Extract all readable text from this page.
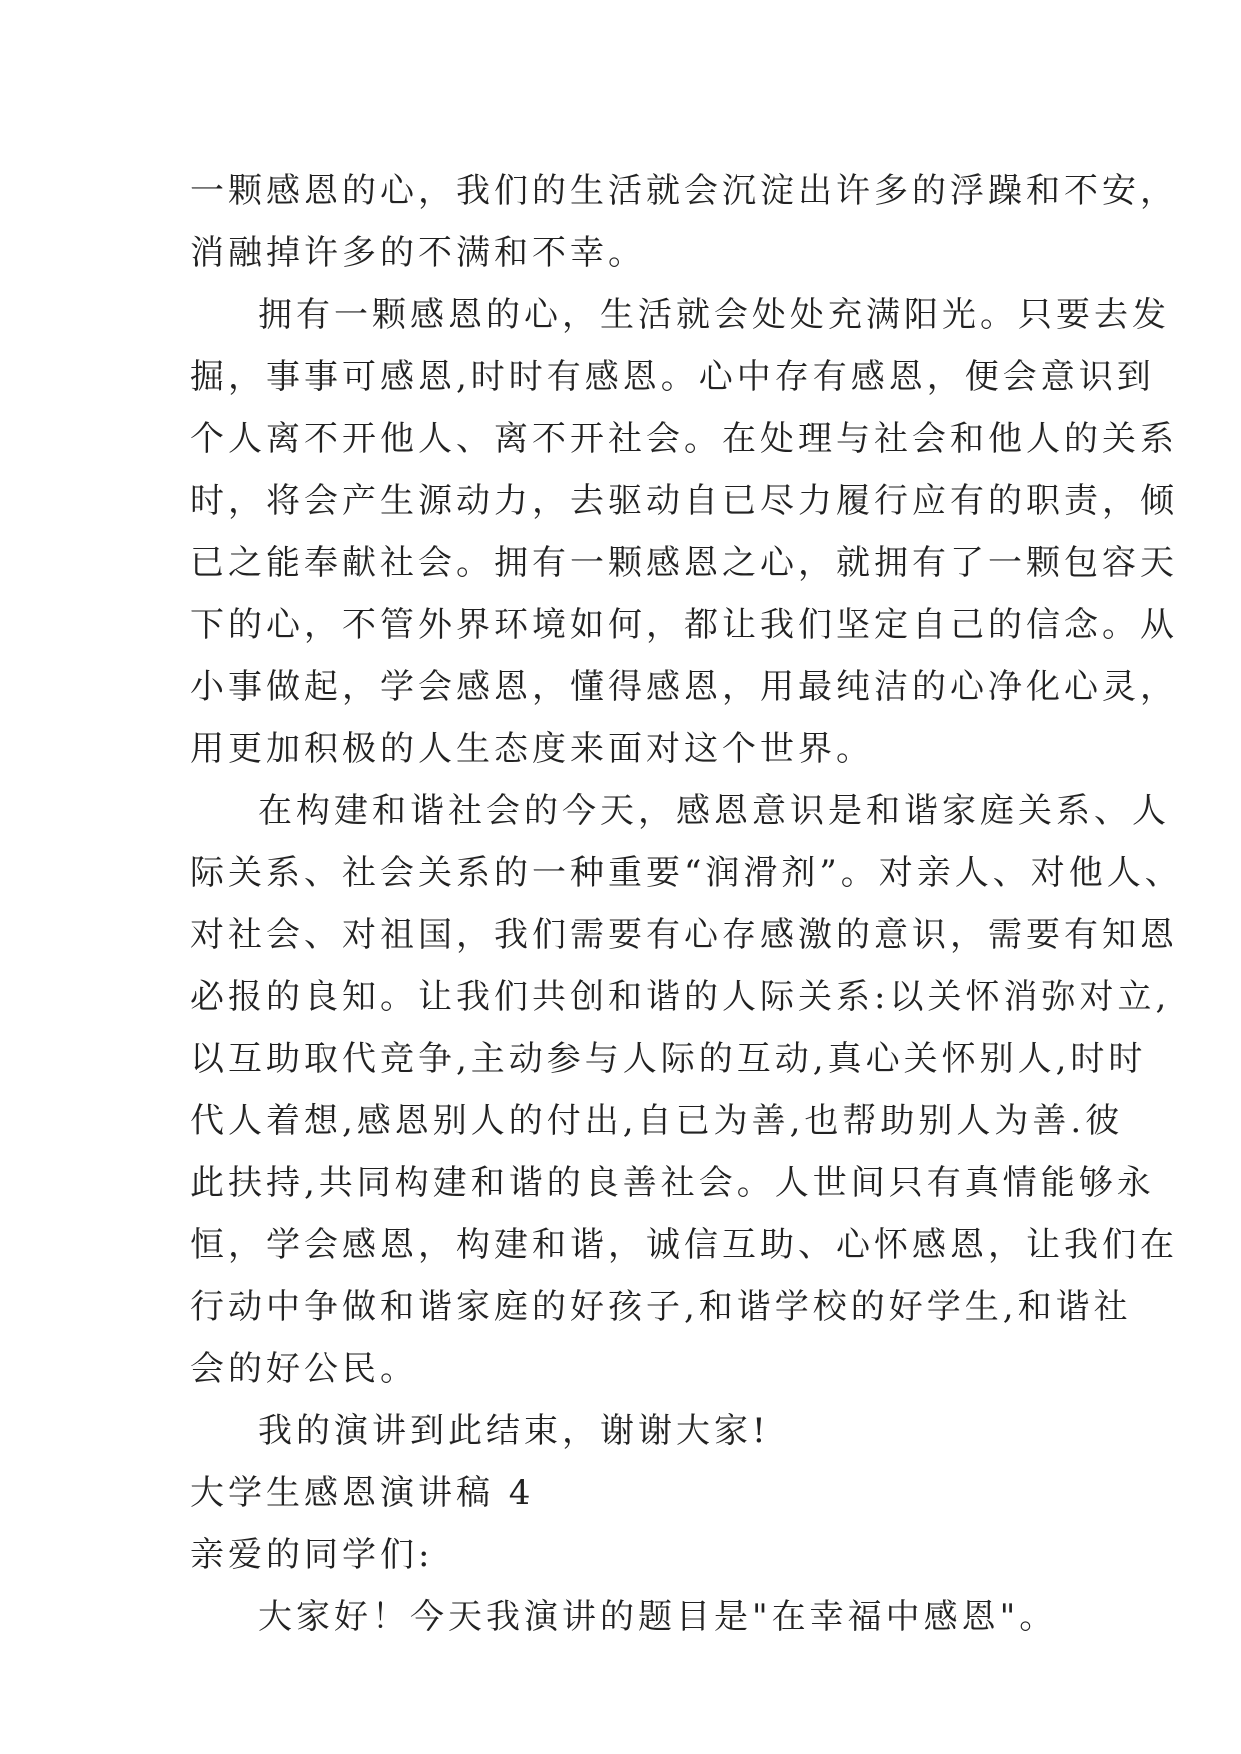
一颗感恩的心，我们的生活就会沉淀出许多的浮躁和不安，
消融掉许多的不满和不幸。
拥有一颗感恩的心，生活就会处处充满阳光。只要去发
掘，事事可感恩,时时有感恩。心中存有感恩，便会意识到
个人离不开他人、离不开社会。在处理与社会和他人的关系
时，将会产生源动力，去驱动自已尽力履行应有的职责，倾
已之能奉献社会。拥有一颗感恩之心，就拥有了一颗包容天
下的心，不管外界环境如何，都让我们坚定自己的信念。从
小事做起，学会感恩，懂得感恩，用最纯洁的心净化心灵，
用更加积极的人生态度来面对这个世界。
在构建和谐社会的今天，感恩意识是和谐家庭关系、人
际关系、社会关系的一种重要“润滑剂”。对亲人、对他人、
对社会、对祖国，我们需要有心存感激的意识，需要有知恩
必报的良知。让我们共创和谐的人际关系:以关怀消弥对立,
以互助取代竞争,主动参与人际的互动,真心关怀别人,时时
代人着想,感恩别人的付出,自已为善,也帮助别人为善.彼
此扶持,共同构建和谐的良善社会。人世间只有真情能够永
恒，学会感恩，构建和谐，诚信互助、心怀感恩，让我们在
行动中争做和谐家庭的好孩子,和谐学校的好学生,和谐社
会的好公民。
我的演讲到此结束，谢谢大家!
大学生感恩演讲稿 4
亲爱的同学们:
大家好！今天我演讲的题目是"在幸福中感恩"。
